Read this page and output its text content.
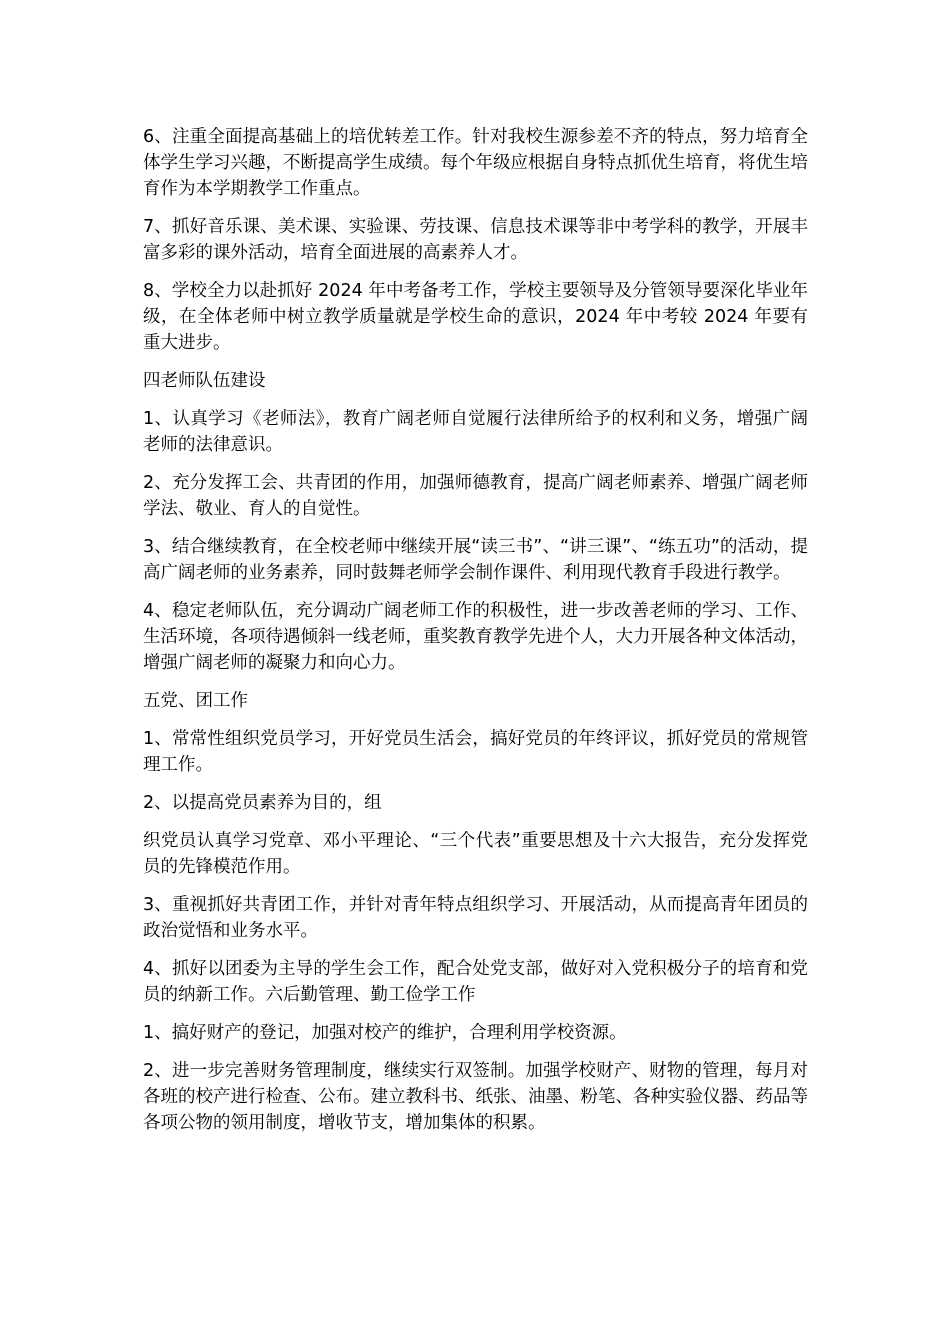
6、注重全面提高基础上的培优转差工作。针对我校生源参差不齐的特点，努力培育全体学生学习兴趣，不断提高学生成绩。每个年级应根据自身特点抓优生培育，将优生培育作为本学期教学工作重点。

7、抓好音乐课、美术课、实验课、劳技课、信息技术课等非中考学科的教学，开展丰富多彩的课外活动，培育全面进展的高素养人才。

8、学校全力以赴抓好 2024 年中考备考工作，学校主要领导及分管领导要深化毕业年级，在全体老师中树立教学质量就是学校生命的意识，2024 年中考较 2024 年要有重大进步。

四老师队伍建设

1、认真学习《老师法》，教育广阔老师自觉履行法律所给予的权利和义务，增强广阔老师的法律意识。

2、充分发挥工会、共青团的作用，加强师德教育，提高广阔老师素养、增强广阔老师学法、敬业、育人的自觉性。

3、结合继续教育，在全校老师中继续开展“读三书”、“讲三课”、“练五功”的活动，提高广阔老师的业务素养，同时鼓舞老师学会制作课件、利用现代教育手段进行教学。

4、稳定老师队伍，充分调动广阔老师工作的积极性，进一步改善老师的学习、工作、生活环境，各项待遇倾斜一线老师，重奖教育教学先进个人，大力开展各种文体活动，增强广阔老师的凝聚力和向心力。

五党、团工作

1、常常性组织党员学习，开好党员生活会，搞好党员的年终评议，抓好党员的常规管理工作。

2、以提高党员素养为目的，组

织党员认真学习党章、邓小平理论、“三个代表”重要思想及十六大报告，充分发挥党员的先锋模范作用。

3、重视抓好共青团工作，并针对青年特点组织学习、开展活动，从而提高青年团员的政治觉悟和业务水平。

4、抓好以团委为主导的学生会工作，配合处党支部，做好对入党积极分子的培育和党员的纳新工作。六后勤管理、勤工俭学工作

1、搞好财产的登记，加强对校产的维护，合理利用学校资源。

2、进一步完善财务管理制度，继续实行双签制。加强学校财产、财物的管理，每月对各班的校产进行检查、公布。建立教科书、纸张、油墨、粉笔、各种实验仪器、药品等各项公物的领用制度，增收节支，增加集体的积累。
